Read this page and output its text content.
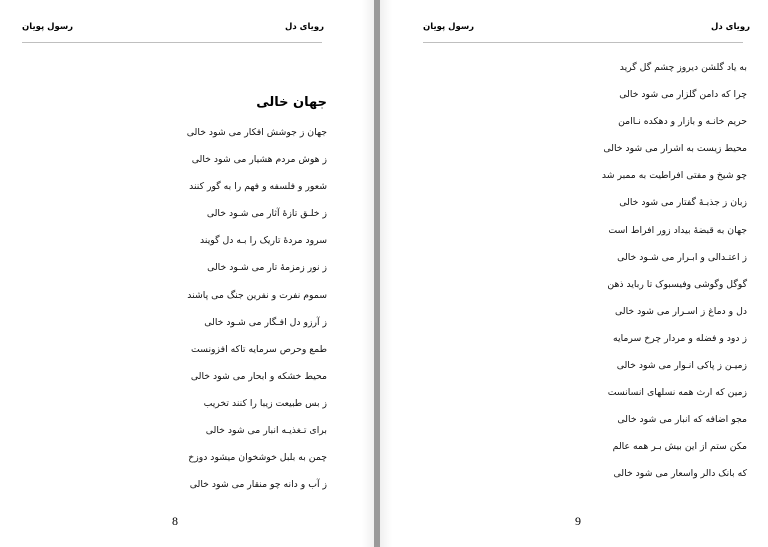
رسول پویان	رویای دل
جهان خالی
جهان ز جوشش افکار می شود خالی
ز هوش مردم هشیار می شود خالی
شعور و فلسفه و فهم را به گور کنند
ز خلـق تازۀ آثار می شـود خالی
سرود مردۀ تاریک را بـه دل گویند
ز نور زمزمۀ تار می شـود خالی
سموم نفرت و نفرین جنگ می پاشند
ز آرزو دل افـگار می شـود خالی
طمع وحرص سرمایه تاکه افزونست
محیط خشکه و ابحار می شود خالی
ز بس طبیعت زیبا را کنند تخریب
برای تـغذیـه انبار می شود خالی
چمن به بلبل خوشخوان میشود دوزخ
ز آب و دانه چو منقار می شود خالی
8
رویای دل
رسول پویان
به یاد گلشن دیروز چشم گل گرید
چرا که دامن گلزار می شود خالی
حریم خانـه و بازار و دهکده نـاامن
محیط زیست به اشرار می شود خالی
چو شیخ و مفتی افراطیت به ممبر شد
زبان ز جذبـۀ گفتار می شود خالی
جهان به قبضۀ بیداد زور افراط است
ز اعتـدالی و ابـرار می شـود خالی
گوگل وگوشی وفیسبوک تا رباید ذهن
دل و دماغ ز اسـرار می شود خالی
ز دود و فضله و مردار چرخ سرمایه
زمیـن ز پاکی انـوار می شود خالی
زمین که ارث همه نسلهای انسانست
مجو اضافه که انبار می شود خالی
مکن ستم از این بیش بـر همه عالم
که بانک دالر واسعار می شود خالی
9
